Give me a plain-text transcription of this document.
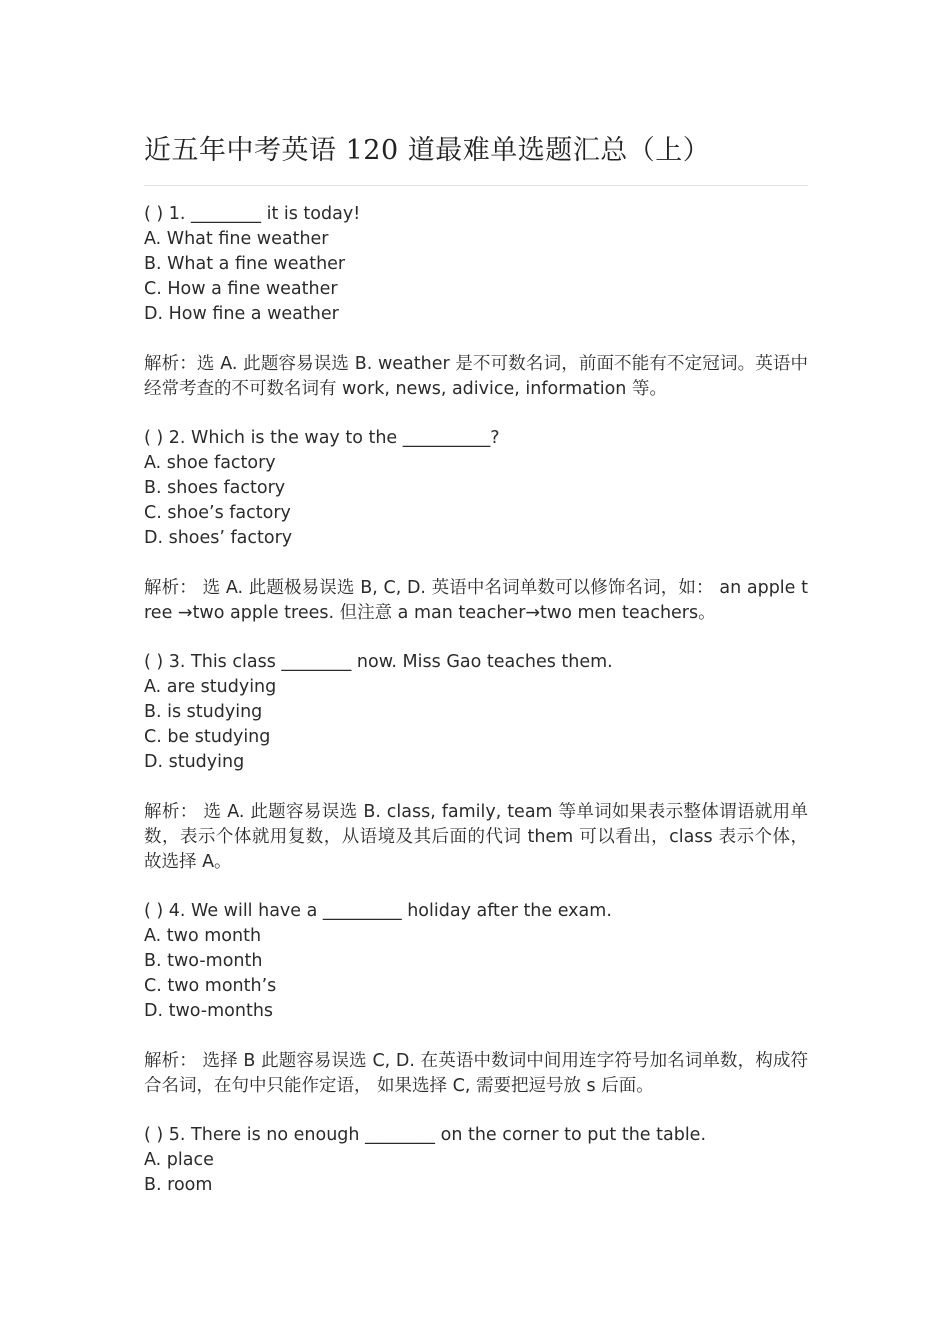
近五年中考英语 120 道最难单选题汇总（上）
( ) 1. ________ it is today!
A. What fine weather
B. What a fine weather
C. How a fine weather
D. How fine a weather
解析：选 A. 此题容易误选 B. weather 是不可数名词，前面不能有不定冠词。英语中经常考查的不可数名词有 work, news, adivice, information 等。
( ) 2. Which is the way to the __________?
A. shoe factory
B. shoes factory
C. shoe’s factory
D. shoes’ factory
解析： 选 A. 此题极易误选 B, C, D. 英语中名词单数可以修饰名词，如： an apple tree →two apple trees. 但注意 a man teacher→two men teachers。
( ) 3. This class ________ now. Miss Gao teaches them.
A. are studying
B. is studying
C. be studying
D. studying
解析： 选 A. 此题容易误选 B. class, family, team 等单词如果表示整体谓语就用单数，表示个体就用复数，从语境及其后面的代词 them 可以看出，class 表示个体，故选择 A。
( ) 4. We will have a _________ holiday after the exam.
A. two month
B. two-month
C. two month’s
D. two-months
解析： 选择 B 此题容易误选 C, D. 在英语中数词中间用连字符号加名词单数，构成符合名词，在句中只能作定语， 如果选择 C, 需要把逗号放 s 后面。
( ) 5. There is no enough ________ on the corner to put the table.
A. place
B. room
